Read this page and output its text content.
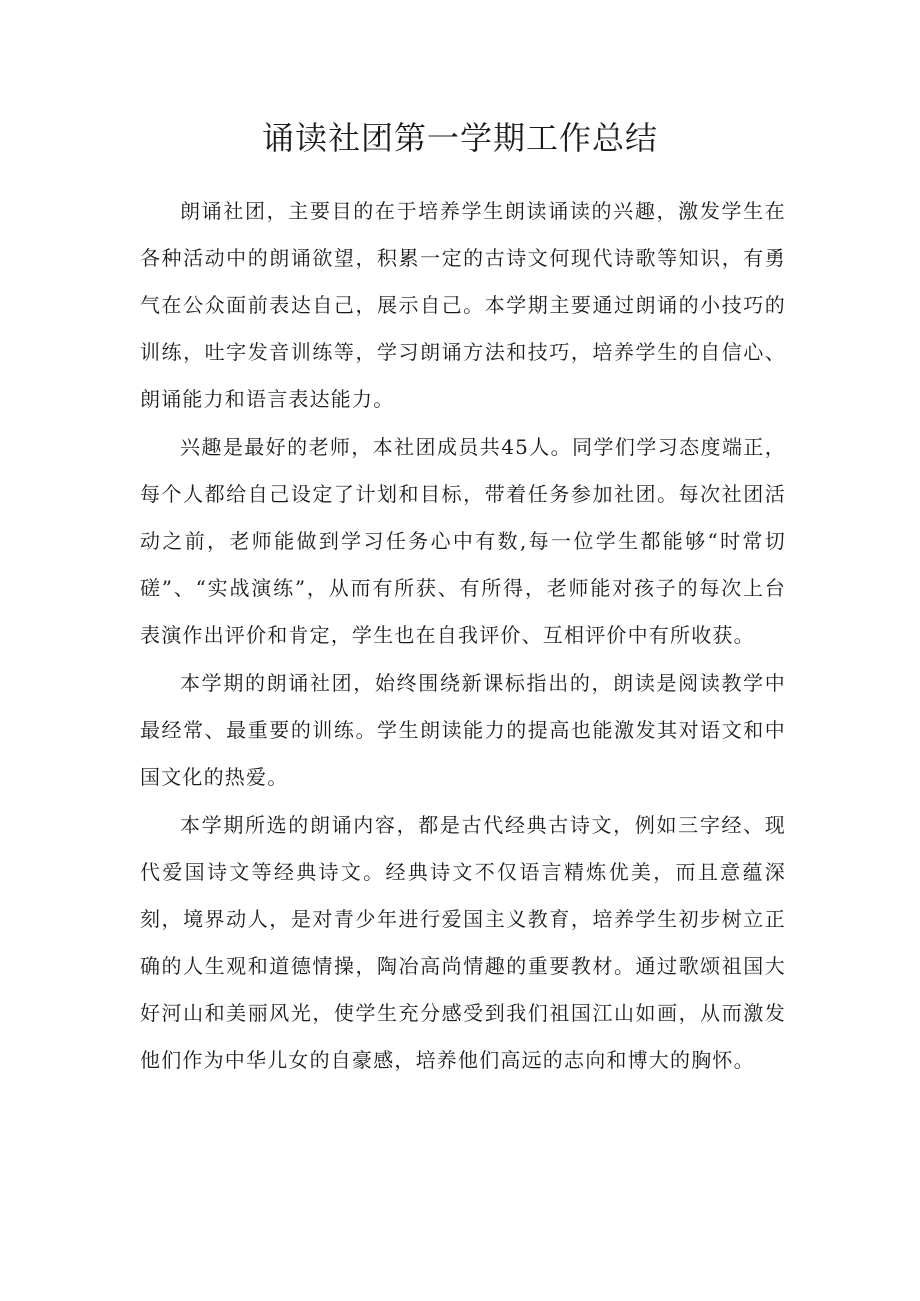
诵读社团第一学期工作总结

朗诵社团，主要目的在于培养学生朗读诵读的兴趣，激发学生在各种活动中的朗诵欲望，积累一定的古诗文何现代诗歌等知识，有勇气在公众面前表达自己，展示自己。本学期主要通过朗诵的小技巧的训练，吐字发音训练等，学习朗诵方法和技巧，培养学生的自信心、朗诵能力和语言表达能力。

兴趣是最好的老师，本社团成员共45人。同学们学习态度端正，每个人都给自己设定了计划和目标，带着任务参加社团。每次社团活动之前，老师能做到学习任务心中有数,每一位学生都能够“时常切磋”、“实战演练”，从而有所获、有所得，老师能对孩子的每次上台表演作出评价和肯定，学生也在自我评价、互相评价中有所收获。

本学期的朗诵社团，始终围绕新课标指出的，朗读是阅读教学中最经常、最重要的训练。学生朗读能力的提高也能激发其对语文和中国文化的热爱。

本学期所选的朗诵内容，都是古代经典古诗文，例如三字经、现代爱国诗文等经典诗文。经典诗文不仅语言精炼优美，而且意蕴深刻，境界动人，是对青少年进行爱国主义教育，培养学生初步树立正确的人生观和道德情操，陶冶高尚情趣的重要教材。通过歌颂祖国大好河山和美丽风光，使学生充分感受到我们祖国江山如画，从而激发他们作为中华儿女的自豪感，培养他们高远的志向和博大的胸怀。
